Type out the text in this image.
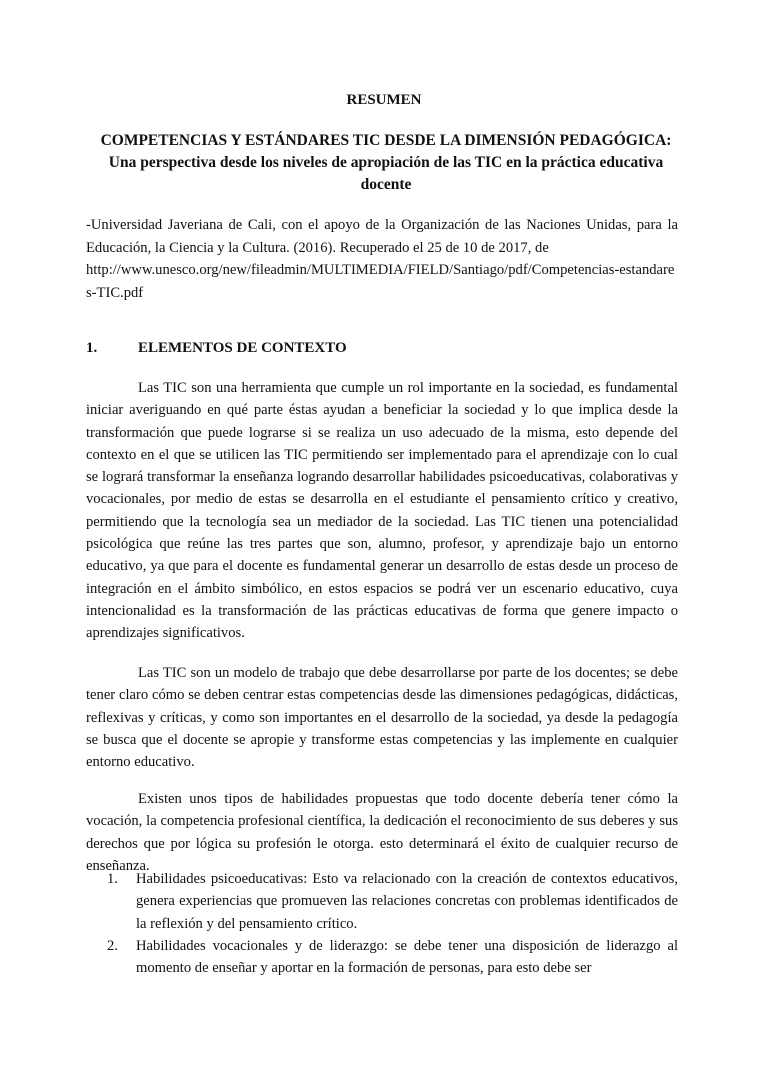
RESUMEN
COMPETENCIAS Y ESTÁNDARES TIC DESDE LA DIMENSIÓN PEDAGÓGICA:
Una perspectiva desde los niveles de apropiación de las TIC en la práctica educativa docente
-Universidad Javeriana de Cali, con el apoyo de la Organización de las Naciones Unidas, para la Educación, la Ciencia y la Cultura. (2016). Recuperado el 25 de 10 de 2017, de
http://www.unesco.org/new/fileadmin/MULTIMEDIA/FIELD/Santiago/pdf/Competencias-estandares-TIC.pdf
1.	ELEMENTOS DE CONTEXTO

Las TIC son una herramienta que cumple un rol importante en la sociedad, es fundamental iniciar averiguando en qué parte éstas ayudan a beneficiar la sociedad y lo que implica desde la transformación que puede lograrse si se realiza un uso adecuado de la misma, esto depende del contexto en el que se utilicen las TIC permitiendo ser implementado para el aprendizaje con lo cual se logrará transformar la enseñanza logrando desarrollar habilidades psicoeducativas, colaborativas y vocacionales, por medio de estas se desarrolla en el estudiante el pensamiento crítico y creativo, permitiendo que la tecnología sea un mediador de la sociedad. Las TIC tienen una potencialidad psicológica que reúne las tres partes que son, alumno, profesor, y aprendizaje bajo un entorno educativo, ya que para el docente es fundamental generar un desarrollo de estas desde un proceso de integración en el ámbito simbólico, en estos espacios se podrá ver un escenario educativo, cuya intencionalidad es la transformación de las prácticas educativas de forma que genere impacto o aprendizajes significativos.

Las TIC son un modelo de trabajo que debe desarrollarse por parte de los docentes; se debe tener claro cómo se deben centrar estas competencias desde las dimensiones pedagógicas, didácticas, reflexivas y críticas, y como son importantes en el desarrollo de la sociedad, ya desde la pedagogía se busca que el docente se apropie y transforme estas competencias y las implemente en cualquier entorno educativo.

Existen unos tipos de habilidades propuestas que todo docente debería tener cómo la vocación, la competencia profesional científica, la dedicación el reconocimiento de sus deberes y sus derechos que por lógica su profesión le otorga. esto determinará el éxito de cualquier recurso de enseñanza.

1. Habilidades psicoeducativas: Esto va relacionado con la creación de contextos educativos, genera experiencias que promueven las relaciones concretas con problemas identificados de la reflexión y del pensamiento crítico.
2. Habilidades vocacionales y de liderazgo: se debe tener una disposición de liderazgo al momento de enseñar y aportar en la formación de personas, para esto debe ser
